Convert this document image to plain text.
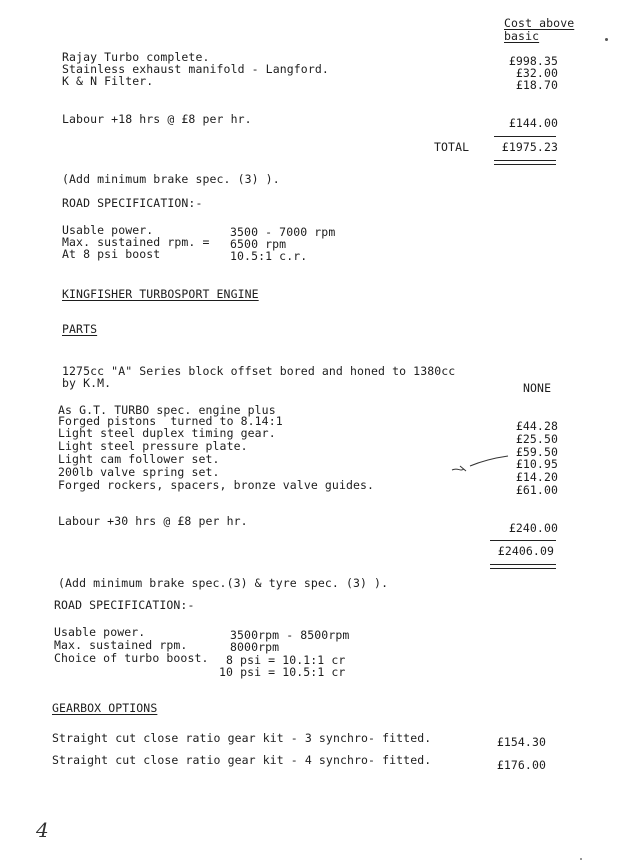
Cost above
basic
Rajay Turbo complete.	£998.35
Stainless exhaust manifold - Langford.	£32.00
K & N Filter.	£18.70
Labour +18 hrs @ £8 per hr.	£144.00
TOTAL	£1975.23
(Add minimum brake spec. (3) ).
ROAD SPECIFICATION:-
Usable power.	3500 - 7000 rpm
Max. sustained rpm. = 6500 rpm
At 8 psi boost	10.5:1 c.r.
KINGFISHER TURBOSPORT ENGINE
PARTS
1275cc "A" Series block offset bored and honed to 1380cc
by K.M.	NONE
As G.T. TURBO spec. engine plus
Forged pistons  turned to 8.14:1	£44.28
Light steel duplex timing gear.	£25.50
Light steel pressure plate.	£59.50
Light cam follower set.	£10.95
200lb valve spring set.	£14.20
Forged rockers, spacers, bronze valve guides.	£61.00
Labour +30 hrs @ £8 per hr.	£240.00
£2406.09
(Add minimum brake spec.(3) & tyre spec. (3) ).
ROAD SPECIFICATION:-
Usable power.	3500rpm - 8500rpm
Max. sustained rpm.	8000rpm
Choice of turbo boost. 8 psi = 10.1:1 cr
10 psi = 10.5:1 cr
GEARBOX OPTIONS
Straight cut close ratio gear kit - 3 synchro- fitted.	£154.30
Straight cut close ratio gear kit - 4 synchro- fitted.	£176.00
4
